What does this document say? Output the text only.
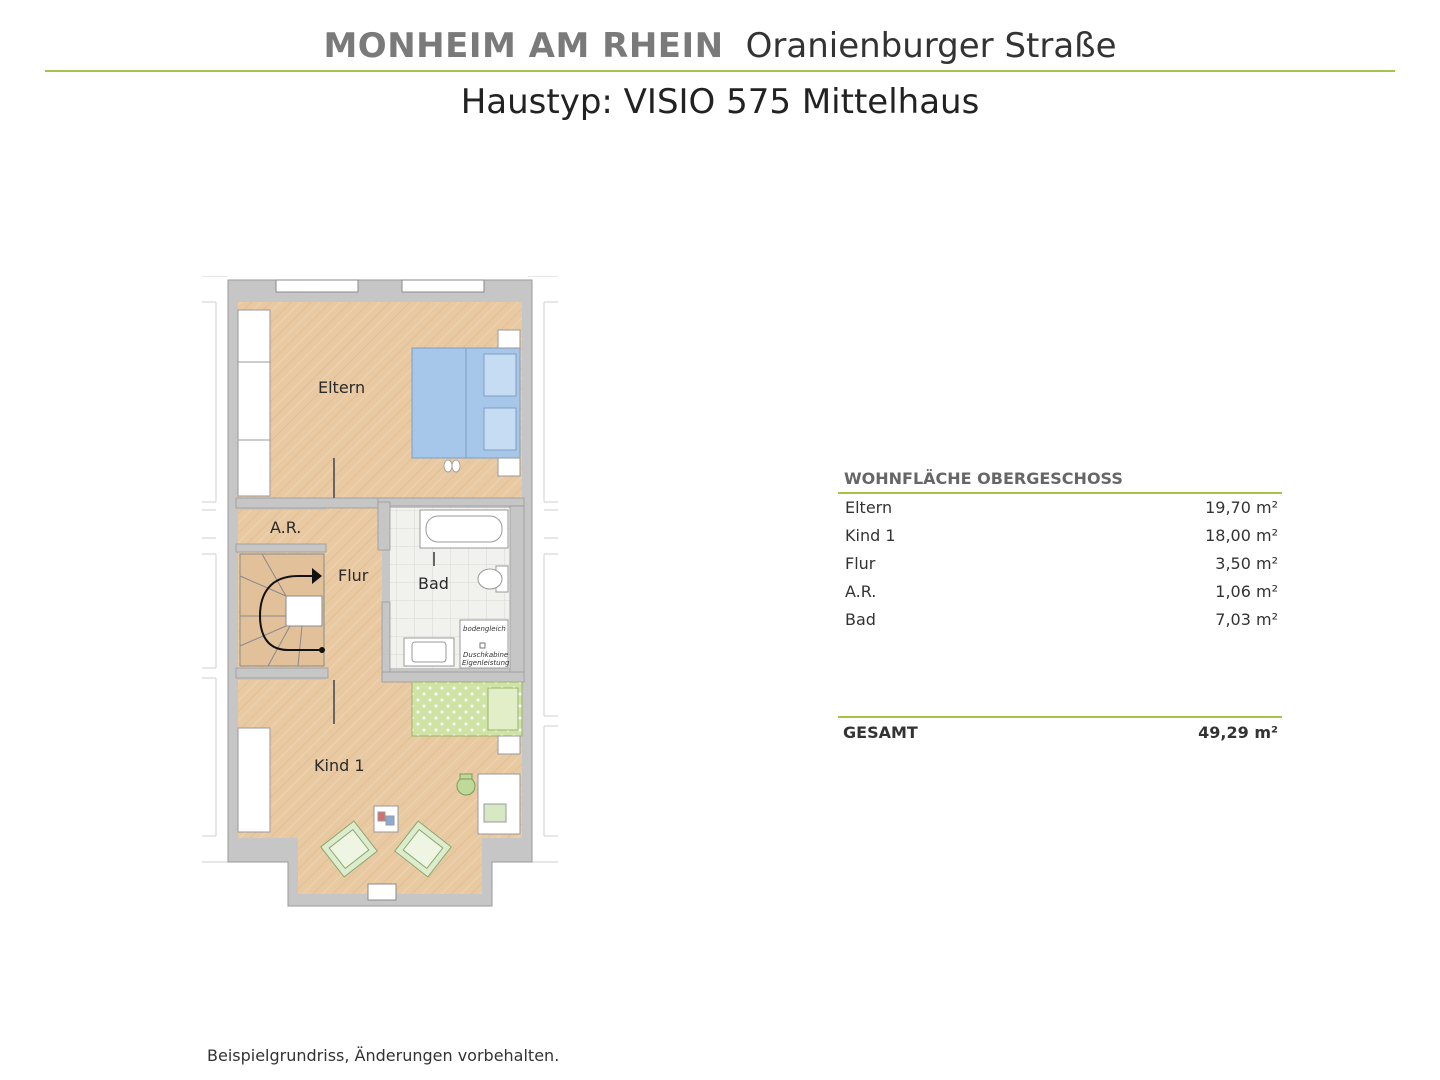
MONHEIM AM RHEIN Oranienburger Straße
Haustyp: VISIO 575 Mittelhaus
Eltern
A.R.
Flur	Bad
Kind 1
bodengleich
Duschkabine
Eigenleistung
WOHNFLÄCHE OBERGESCHOSS
Eltern	19,70 m²
Kind 1	18,00 m²
Flur	3,50 m²
A.R.	1,06 m²
Bad	7,03 m²
GESAMT	49,29 m²
Beispielgrundriss, Änderungen vorbehalten.
